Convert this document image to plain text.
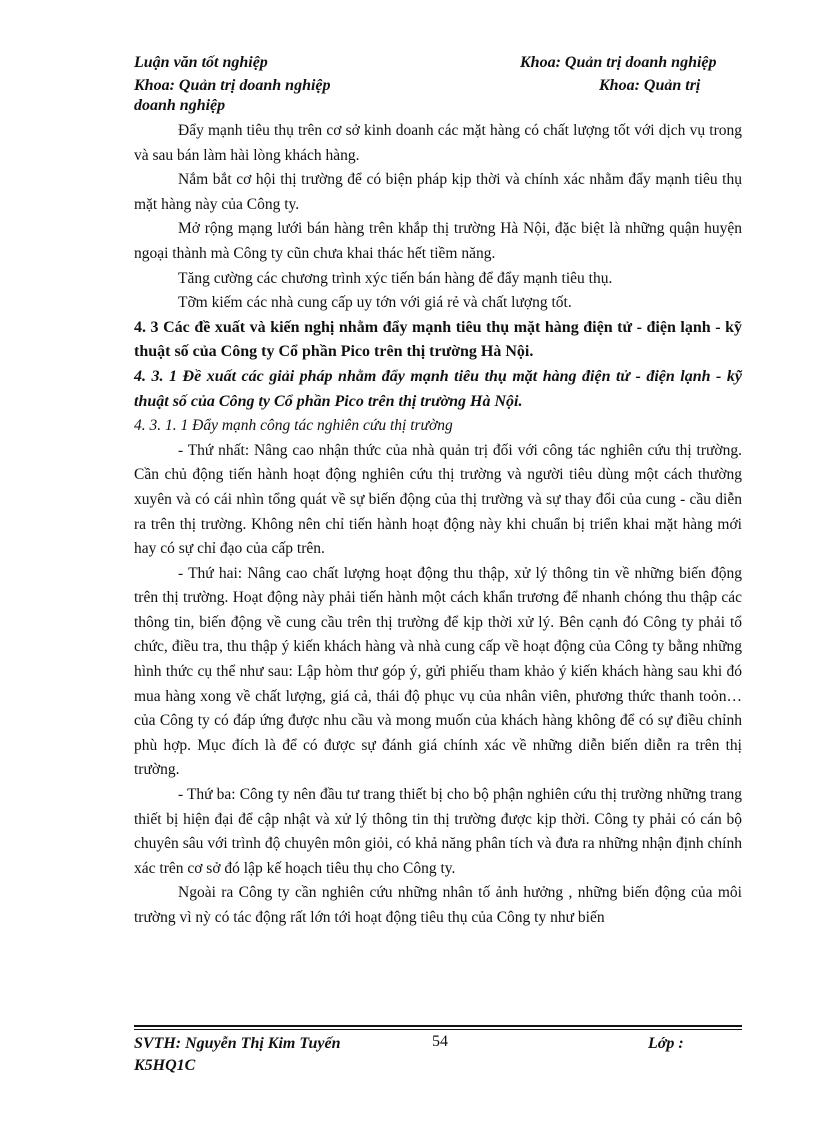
Luận văn tốt nghiệp	Khoa: Quản trị doanh nghiệp
Khoa: Quản trị doanh nghiệp	Khoa: Quản trị
doanh nghiệp

Đẩy mạnh tiêu thụ trên cơ sở kinh doanh các mặt hàng có chất lượng tốt với dịch vụ trong và sau bán làm hài lòng khách hàng.

Nắm bắt cơ hội thị trường để có biện pháp kịp thời và chính xác nhằm đẩy mạnh tiêu thụ mặt hàng này của Công ty.

Mở rộng mạng lưới bán hàng trên khắp thị trường Hà Nội, đặc biệt là những quận huyện ngoại thành mà Công ty cũn chưa khai thác hết tiềm năng.

Tăng cường các chương trình xýc tiến bán hàng để đẩy mạnh tiêu thụ.

Tỡm kiếm các nhà cung cấp uy tớn với giá rẻ và chất lượng tốt.

4. 3 Các đề xuất và kiến nghị nhằm đẩy mạnh tiêu thụ mặt hàng điện tử - điện lạnh - kỹ thuật số của Công ty Cổ phần Pico trên thị trường Hà Nội.

4. 3. 1 Đề xuất các giải pháp nhằm đẩy mạnh tiêu thụ mặt hàng điện tử - điện lạnh - kỹ thuật số của Công ty Cổ phần Pico trên thị trường Hà Nội.

4. 3. 1. 1 Đẩy mạnh công tác nghiên cứu thị trường

- Thứ nhất: Nâng cao nhận thức của nhà quản trị đối với công tác nghiên cứu thị trường. Cần chủ động tiến hành hoạt động nghiên cứu thị trường và người tiêu dùng một cách thường xuyên và có cái nhìn tổng quát về sự biến động của thị trường và sự thay đổi của cung - cầu diễn ra trên thị trường. Không nên chỉ tiến hành hoạt động này khi chuẩn bị triển khai mặt hàng mới hay có sự chỉ đạo của cấp trên.

- Thứ hai: Nâng cao chất lượng hoạt động thu thập, xử lý thông tin về những biến động trên thị trường. Hoạt động này phải tiến hành một cách khẩn trương để nhanh chóng thu thập các thông tin, biến động về cung cầu trên thị trường để kịp thời xử lý. Bên cạnh đó Công ty phải tổ chức, điều tra, thu thập ý kiến khách hàng và nhà cung cấp về hoạt động của Công ty bằng những hình thức cụ thể như sau: Lập hòm thư góp ý, gửi phiếu tham khảo ý kiến khách hàng sau khi đó mua hàng xong về chất lượng, giá cả, thái độ phục vụ của nhân viên, phương thức thanh toỏn…của Công ty có đáp ứng được nhu cầu và mong muốn của khách hàng không để có sự điều chỉnh phù hợp. Mục đích là để có được sự đánh giá chính xác về những diễn biến diễn ra trên thị trường.

- Thứ ba: Công ty nên đầu tư trang thiết bị cho bộ phận nghiên cứu thị trường những trang thiết bị hiện đại để cập nhật và xử lý thông tin thị trường được kịp thời. Công ty phải có cán bộ chuyên sâu với trình độ chuyên môn giỏi, có khả năng phân tích và đưa ra những nhận định chính xác trên cơ sở đó lập kế hoạch tiêu thụ cho Công ty.

Ngoài ra Công ty cần nghiên cứu những nhân tố ảnh hưởng , những biến động của môi trường vì nỳ có tác động rất lớn tới hoạt động tiêu thụ của Công ty như biến

SVTH: Nguyễn Thị Kim Tuyến	54	Lớp :
K5HQ1C
